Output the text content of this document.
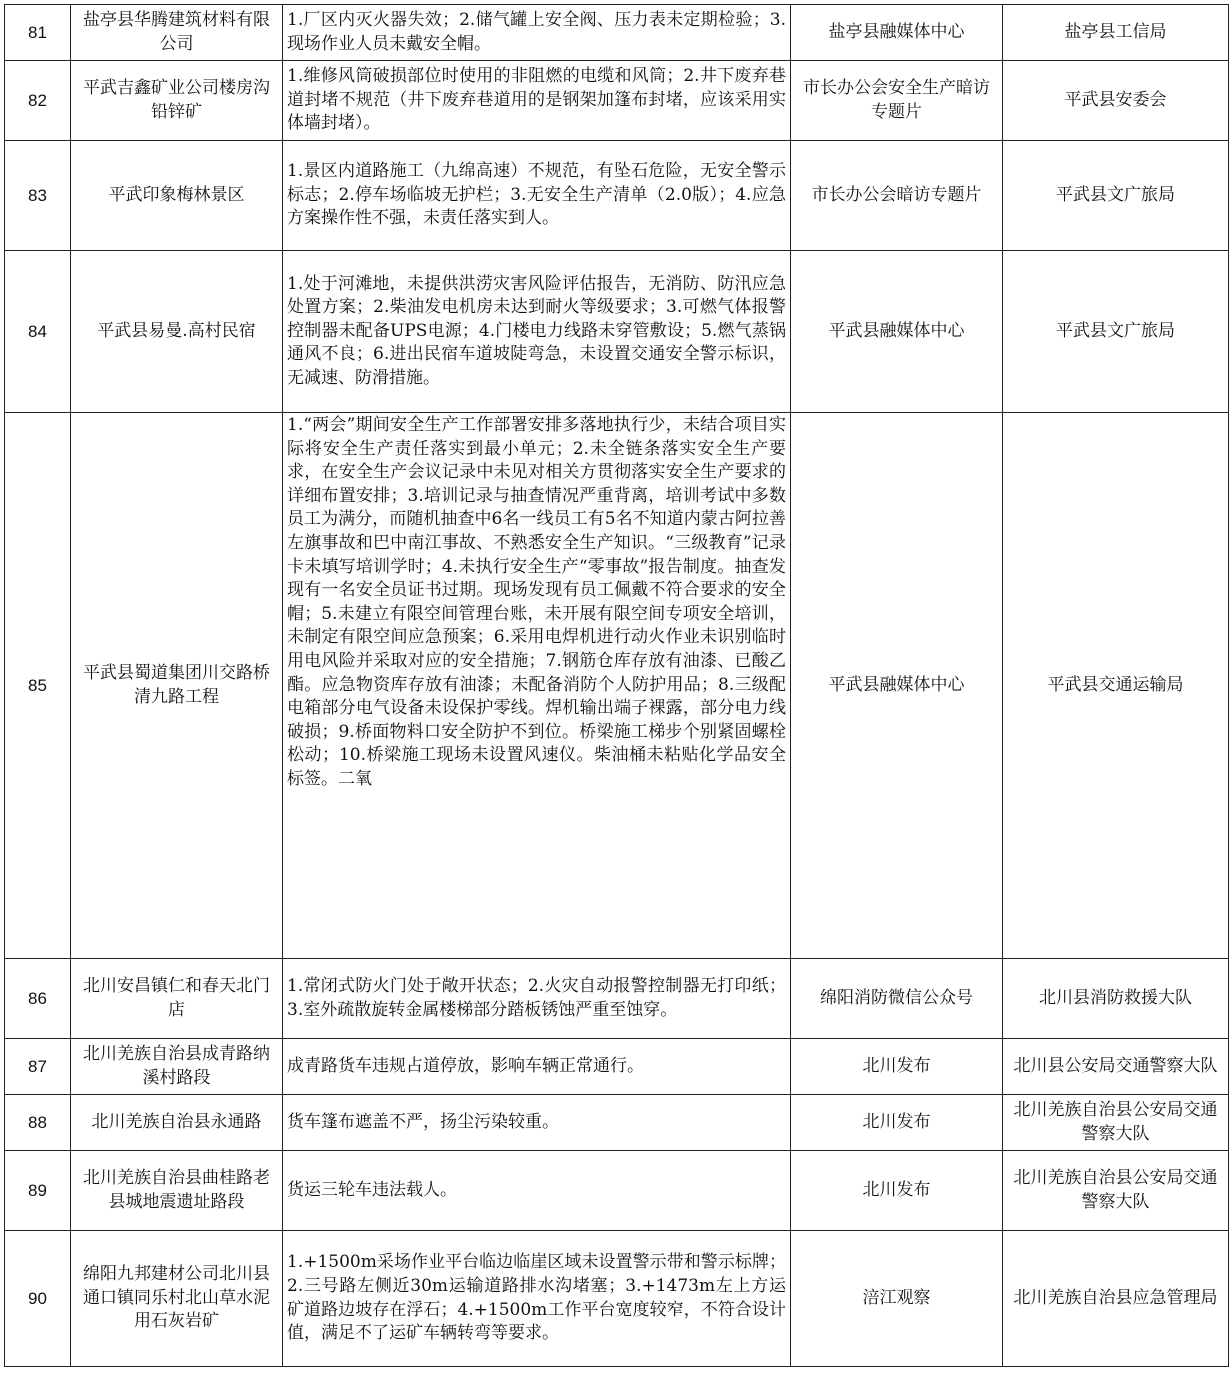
81	盐亭县华腾建筑材料有限公司	1.厂区内灭火器失效；2.储气罐上安全阀、压力表未定期检验；3.现场作业人员未戴安全帽。	盐亭县融媒体中心	盐亭县工信局
82	平武吉鑫矿业公司楼房沟铅锌矿	1.维修风筒破损部位时使用的非阻燃的电缆和风筒；2.井下废弃巷道封堵不规范（井下废弃巷道用的是钢架加篷布封堵，应该采用实体墙封堵）。	市长办公会安全生产暗访专题片	平武县安委会
83	平武印象梅林景区	1.景区内道路施工（九绵高速）不规范，有坠石危险，无安全警示标志；2.停车场临坡无护栏；3.无安全生产清单（2.0版）；4.应急方案操作性不强，未责任落实到人。	市长办公会暗访专题片	平武县文广旅局
84	平武县易曼.高村民宿	1.处于河滩地，未提供洪涝灾害风险评估报告，无消防、防汛应急处置方案；2.柴油发电机房未达到耐火等级要求；3.可燃气体报警控制器未配备UPS电源；4.门楼电力线路未穿管敷设；5.燃气蒸锅通风不良；6.进出民宿车道坡陡弯急，未设置交通安全警示标识，无减速、防滑措施。	平武县融媒体中心	平武县文广旅局
85	平武县蜀道集团川交路桥清九路工程	1.“两会”期间安全生产工作部署安排多落地执行少，未结合项目实际将安全生产责任落实到最小单元；2.未全链条落实安全生产要求，在安全生产会议记录中未见对相关方贯彻落实安全生产要求的详细布置安排；3.培训记录与抽查情况严重背离，培训考试中多数员工为满分，而随机抽查中6名一线员工有5名不知道内蒙古阿拉善左旗事故和巴中南江事故、不熟悉安全生产知识。“三级教育”记录卡未填写培训学时；4.未执行安全生产“零事故”报告制度。抽查发现有一名安全员证书过期。现场发现有员工佩戴不符合要求的安全帽；5.未建立有限空间管理台账，未开展有限空间专项安全培训，未制定有限空间应急预案；6.采用电焊机进行动火作业未识别临时用电风险并采取对应的安全措施；7.钢筋仓库存放有油漆、已酸乙酯。应急物资库存放有油漆；未配备消防个人防护用品；8.三级配电箱部分电气设备未设保护零线。焊机输出端子裸露，部分电力线破损；9.桥面物料口安全防护不到位。桥梁施工梯步个别紧固螺栓松动；10.桥梁施工现场未设置风速仪。柴油桶未粘贴化学品安全标签。二氧	平武县融媒体中心	平武县交通运输局
86	北川安昌镇仁和春天北门店	1.常闭式防火门处于敞开状态；2.火灾自动报警控制器无打印纸；3.室外疏散旋转金属楼梯部分踏板锈蚀严重至蚀穿。	绵阳消防微信公众号	北川县消防救援大队
87	北川羌族自治县成青路纳溪村路段	成青路货车违规占道停放，影响车辆正常通行。	北川发布	北川县公安局交通警察大队
88	北川羌族自治县永通路	货车篷布遮盖不严，扬尘污染较重。	北川发布	北川羌族自治县公安局交通警察大队
89	北川羌族自治县曲桂路老县城地震遗址路段	货运三轮车违法载人。	北川发布	北川羌族自治县公安局交通警察大队
90	绵阳九邦建材公司北川县通口镇同乐村北山草水泥用石灰岩矿	1.+1500m采场作业平台临边临崖区域未设置警示带和警示标牌；2.三号路左侧近30m运输道路排水沟堵塞；3.+1473m左上方运矿道路边坡存在浮石；4.+1500m工作平台宽度较窄，不符合设计值，满足不了运矿车辆转弯等要求。	涪江观察	北川羌族自治县应急管理局
